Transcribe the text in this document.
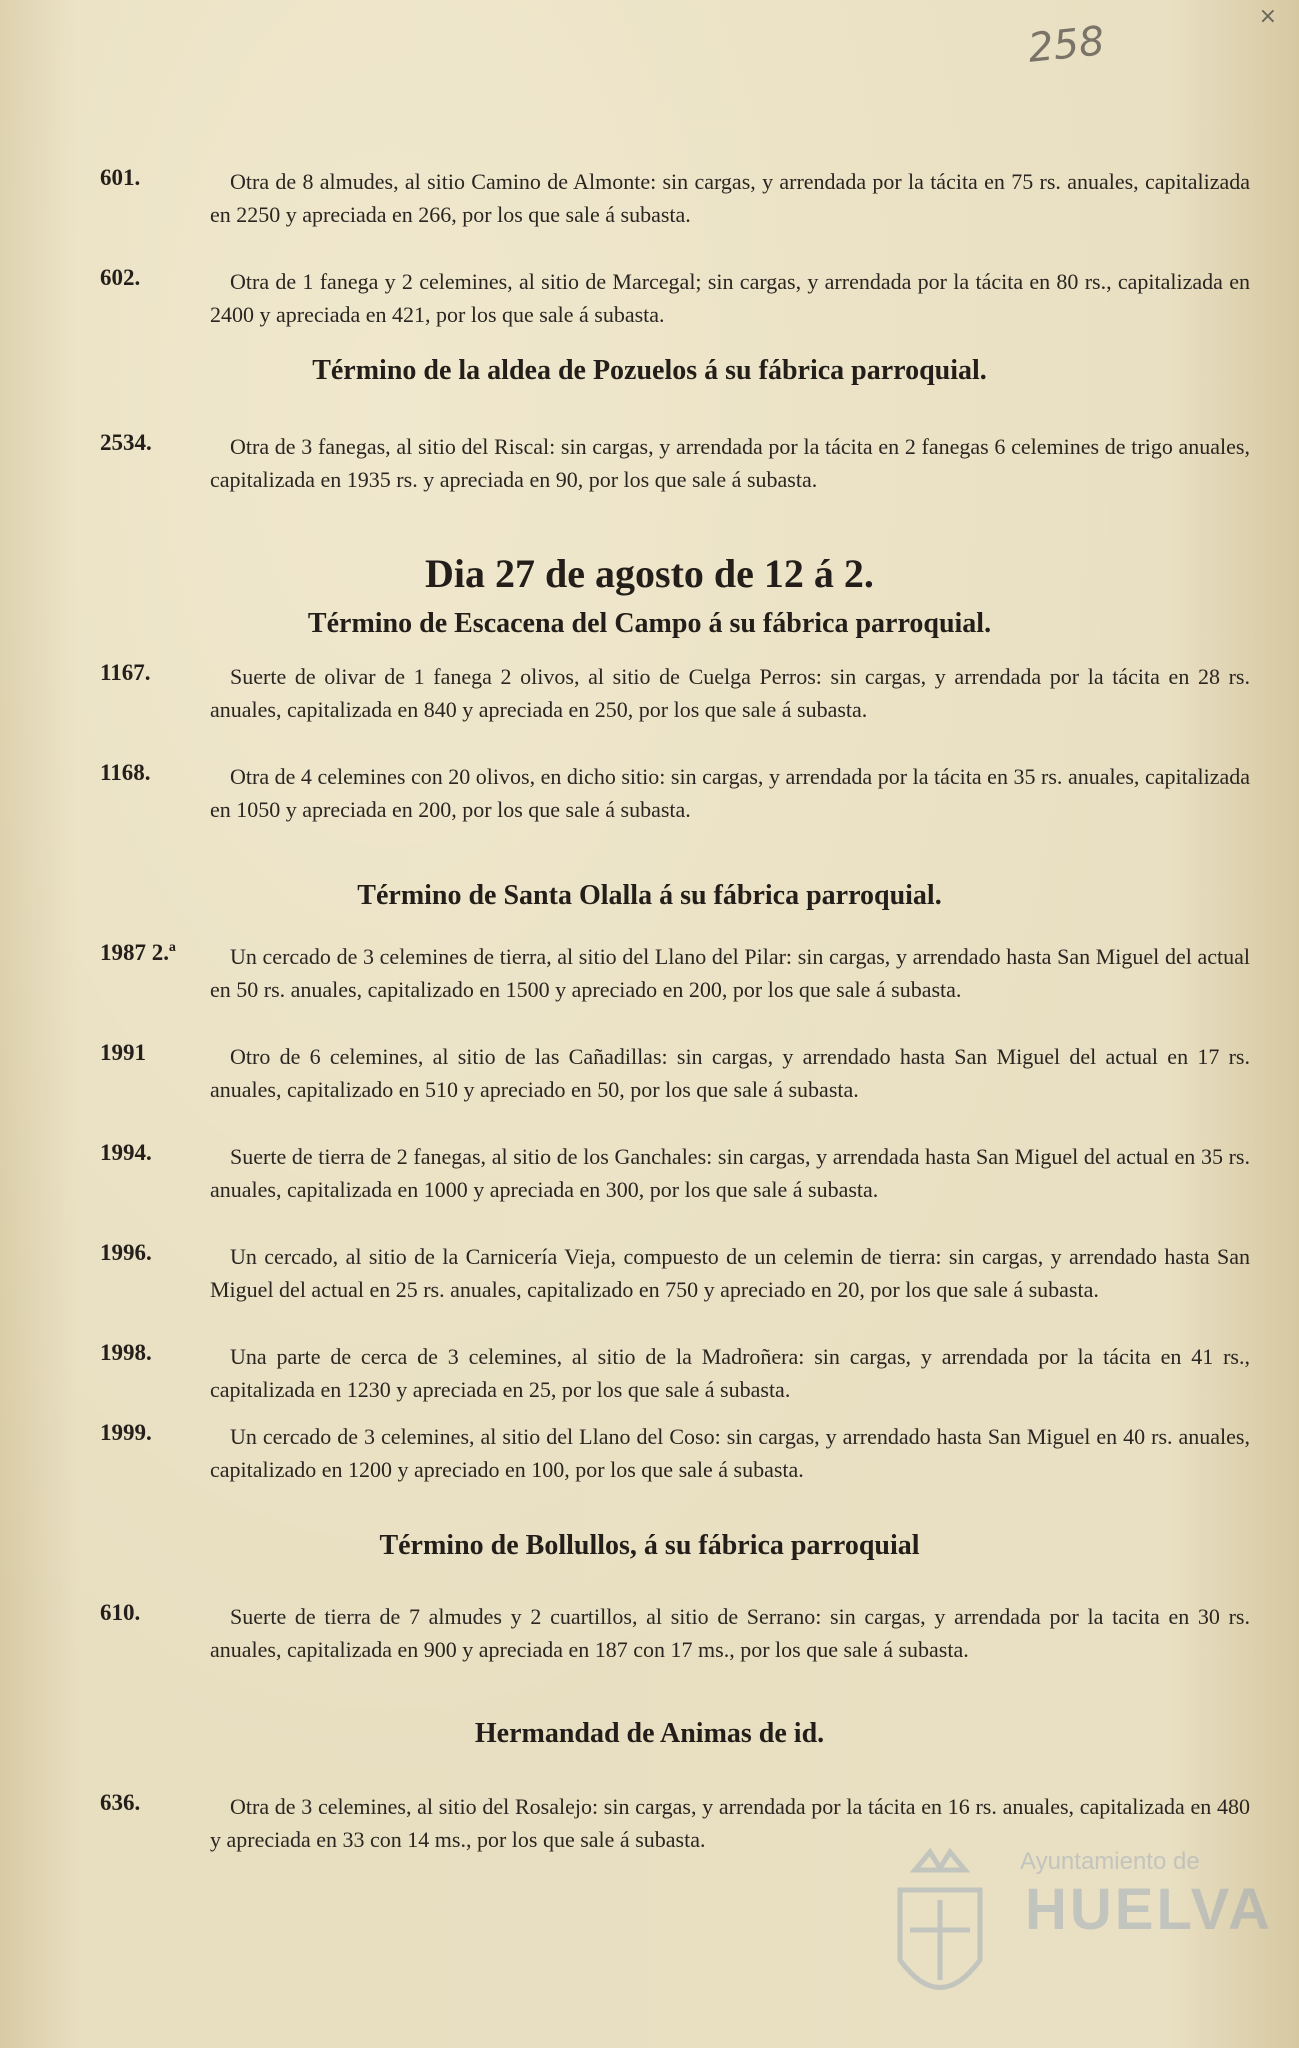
×
258
601.	Otra de 8 almudes, al sitio Camino de Almonte: sin cargas, y arrendada por la tácita en 75 rs. anuales, capitalizada en 2250 y apreciada en 266, por los que sale á subasta.
602.	Otra de 1 fanega y 2 celemines, al sitio de Marcegal; sin cargas, y arrendada por la tácita en 80 rs., capitalizada en 2400 y apreciada en 421, por los que sale á subasta.
Término de la aldea de Pozuelos á su fábrica parroquial.
2534.	Otra de 3 fanegas, al sitio del Riscal: sin cargas, y arrendada por la tácita en 2 fanegas 6 celemines de trigo anuales, capitalizada en 1935 rs. y apreciada en 90, por los que sale á subasta.
Dia 27 de agosto de 12 á 2.
Término de Escacena del Campo á su fábrica parroquial.
1167.	Suerte de olivar de 1 fanega 2 olivos, al sitio de Cuelga Perros: sin cargas, y arrendada por la tácita en 28 rs. anuales, capitalizada en 840 y apreciada en 250, por los que sale á subasta.
1168.	Otra de 4 celemines con 20 olivos, en dicho sitio: sin cargas, y arrendada por la tácita en 35 rs. anuales, capitalizada en 1050 y apreciada en 200, por los que sale á subasta.
Término de Santa Olalla á su fábrica parroquial.
1987 2.ª	Un cercado de 3 celemines de tierra, al sitio del Llano del Pilar: sin cargas, y arrendado hasta San Miguel del actual en 50 rs. anuales, capitalizado en 1500 y apreciado en 200, por los que sale á subasta.
1991	Otro de 6 celemines, al sitio de las Cañadillas: sin cargas, y arrendado hasta San Miguel del actual en 17 rs. anuales, capitalizado en 510 y apreciado en 50, por los que sale á subasta.
1994.	Suerte de tierra de 2 fanegas, al sitio de los Ganchales: sin cargas, y arrendada hasta San Miguel del actual en 35 rs. anuales, capitalizada en 1000 y apreciada en 300, por los que sale á subasta.
1996.	Un cercado, al sitio de la Carnicería Vieja, compuesto de un celemin de tierra: sin cargas, y arrendado hasta San Miguel del actual en 25 rs. anuales, capitalizado en 750 y apreciado en 20, por los que sale á subasta.
1998.	Una parte de cerca de 3 celemines, al sitio de la Madroñera: sin cargas, y arrendada por la tácita en 41 rs., capitalizada en 1230 y apreciada en 25, por los que sale á subasta.
1999.	Un cercado de 3 celemines, al sitio del Llano del Coso: sin cargas, y arrendado hasta San Miguel en 40 rs. anuales, capitalizado en 1200 y apreciado en 100, por los que sale á subasta.
Término de Bollullos, á su fábrica parroquial
610.	Suerte de tierra de 7 almudes y 2 cuartillos, al sitio de Serrano: sin cargas, y arrendada por la tacita en 30 rs. anuales, capitalizada en 900 y apreciada en 187 con 17 ms., por los que sale á subasta.
Hermandad de Animas de id.
636.	Otra de 3 celemines, al sitio del Rosalejo: sin cargas, y arrendada por la tácita en 16 rs. anuales, capitalizada en 480 y apreciada en 33 con 14 ms., por los que sale á subasta.
Ayuntamiento de
HUELVA
